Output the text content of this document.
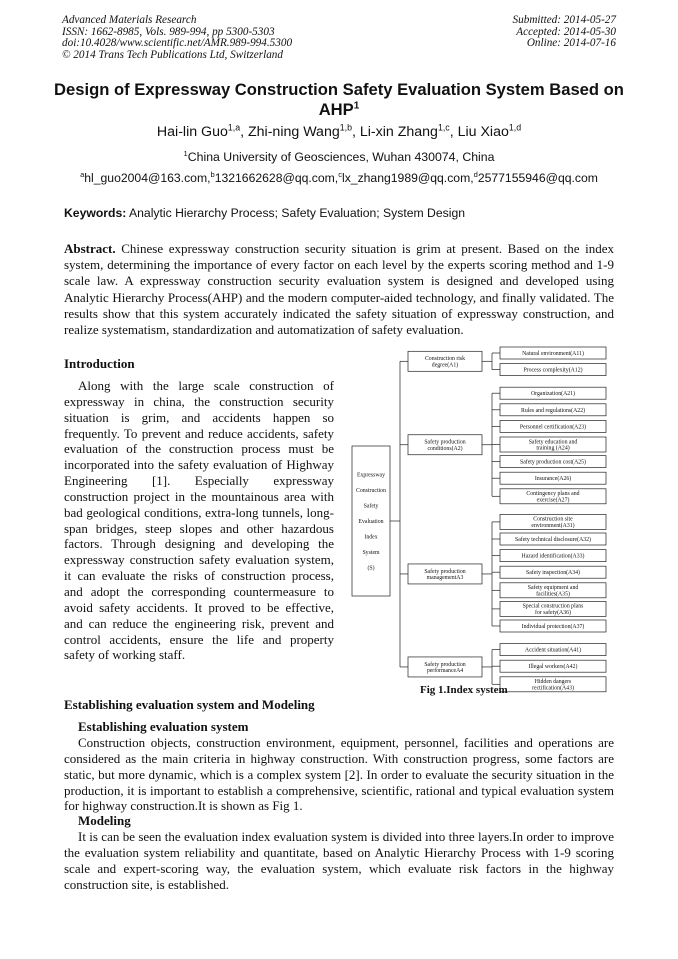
Advanced Materials Research
ISSN: 1662-8985, Vols. 989-994, pp 5300-5303
doi:10.4028/www.scientific.net/AMR.989-994.5300
© 2014 Trans Tech Publications Ltd, Switzerland
Submitted: 2014-05-27
Accepted: 2014-05-30
Online: 2014-07-16
Design of Expressway Construction Safety Evaluation System Based on AHP$^1$
Hai-lin Guo$^{1,a}$, Zhi-ning Wang$^{1,b}$, Li-xin Zhang$^{1,c}$, Liu Xiao$^{1,d}$
$^1$China University of Geosciences, Wuhan 430074, China
$^a$hl_guo2004@163.com,$^b$1321662628@qq.com,$^c$lx_zhang1989@qq.com,$^d$2577155946@qq.com
Keywords: Analytic Hierarchy Process; Safety Evaluation; System Design
Abstract. Chinese expressway construction security situation is grim at present. Based on the index system, determining the importance of every factor on each level by the experts scoring method and 1-9 scale law. A expressway construction security evaluation system is designed and developed using Analytic Hierarchy Process(AHP) and the modern computer-aided technology, and finally validated. The results show that this system accurately indicated the safety situation of expressway construction, and realize systematism, standardization and automatization of safety evaluation.
Introduction

Along with the large scale construction of expressway in china, the construction security situation is grim, and accidents happen so frequently. To prevent and reduce accidents, safety evaluation of the construction process must be incorporated into the safety evaluation of Highway Engineering [1]. Especially expressway construction project in the mountainous area with bad geological conditions, extra-long tunnels, long-span bridges, steep slopes and other hazardous factors. Through designing and developing the expressway construction safety evaluation system, it can evaluate the risks of construction process, and adopt the corresponding countermeasure to avoid safety accidents. It proved to be effective, and can reduce the engineering risk, prevent and control accidents, ensure the life and property safety of working staff.

Natural environment(A11)
Process complexity(A12)
Construction risk degree(A1)
Organization(A21)
Rules and regulations(A22)
Personnel certification(A23)
Safety education and training (A24)
Safety production cost(A25)
Insurance(A26)
Contingency plans and exercise(A27)
Safety production conditions(A2)
Construction site environment(A31)
Safety technical disclosure(A32)
Hazard identification(A33)
Safety inspection(A34)
Safety equipment and facilities(A35)
Special construction plans for safety(A36)
Individual protection(A37)
Safety production managementA3
Accident situation(A41)
Illegal workers(A42)
Hidden dangers rectification(A43)
Safety production performanceA4
Expressway
Construction
Safety
Evaluation
Index
System
(S)
Fig 1.Index system
Establishing evaluation system and Modeling
Establishing evaluation system

Construction objects, construction environment, equipment, personnel, facilities and operations are considered as the main criteria in highway construction. With construction progress, some factors are static, but more dynamic, which is a complex system [2]. In order to evaluate the security situation in the production, it is important to establish a comprehensive, scientific, rational and typical evaluation system for highway construction.It is shown as Fig 1.

Modeling

It is can be seen the evaluation index evaluation system is divided into three layers.In order to improve the evaluation system reliability and quantitate, based on Analytic Hierarchy Process with 1-9 scoring scale and expert-scoring way, the evaluation system, which evaluate risk factors in the highway construction site, is established.
